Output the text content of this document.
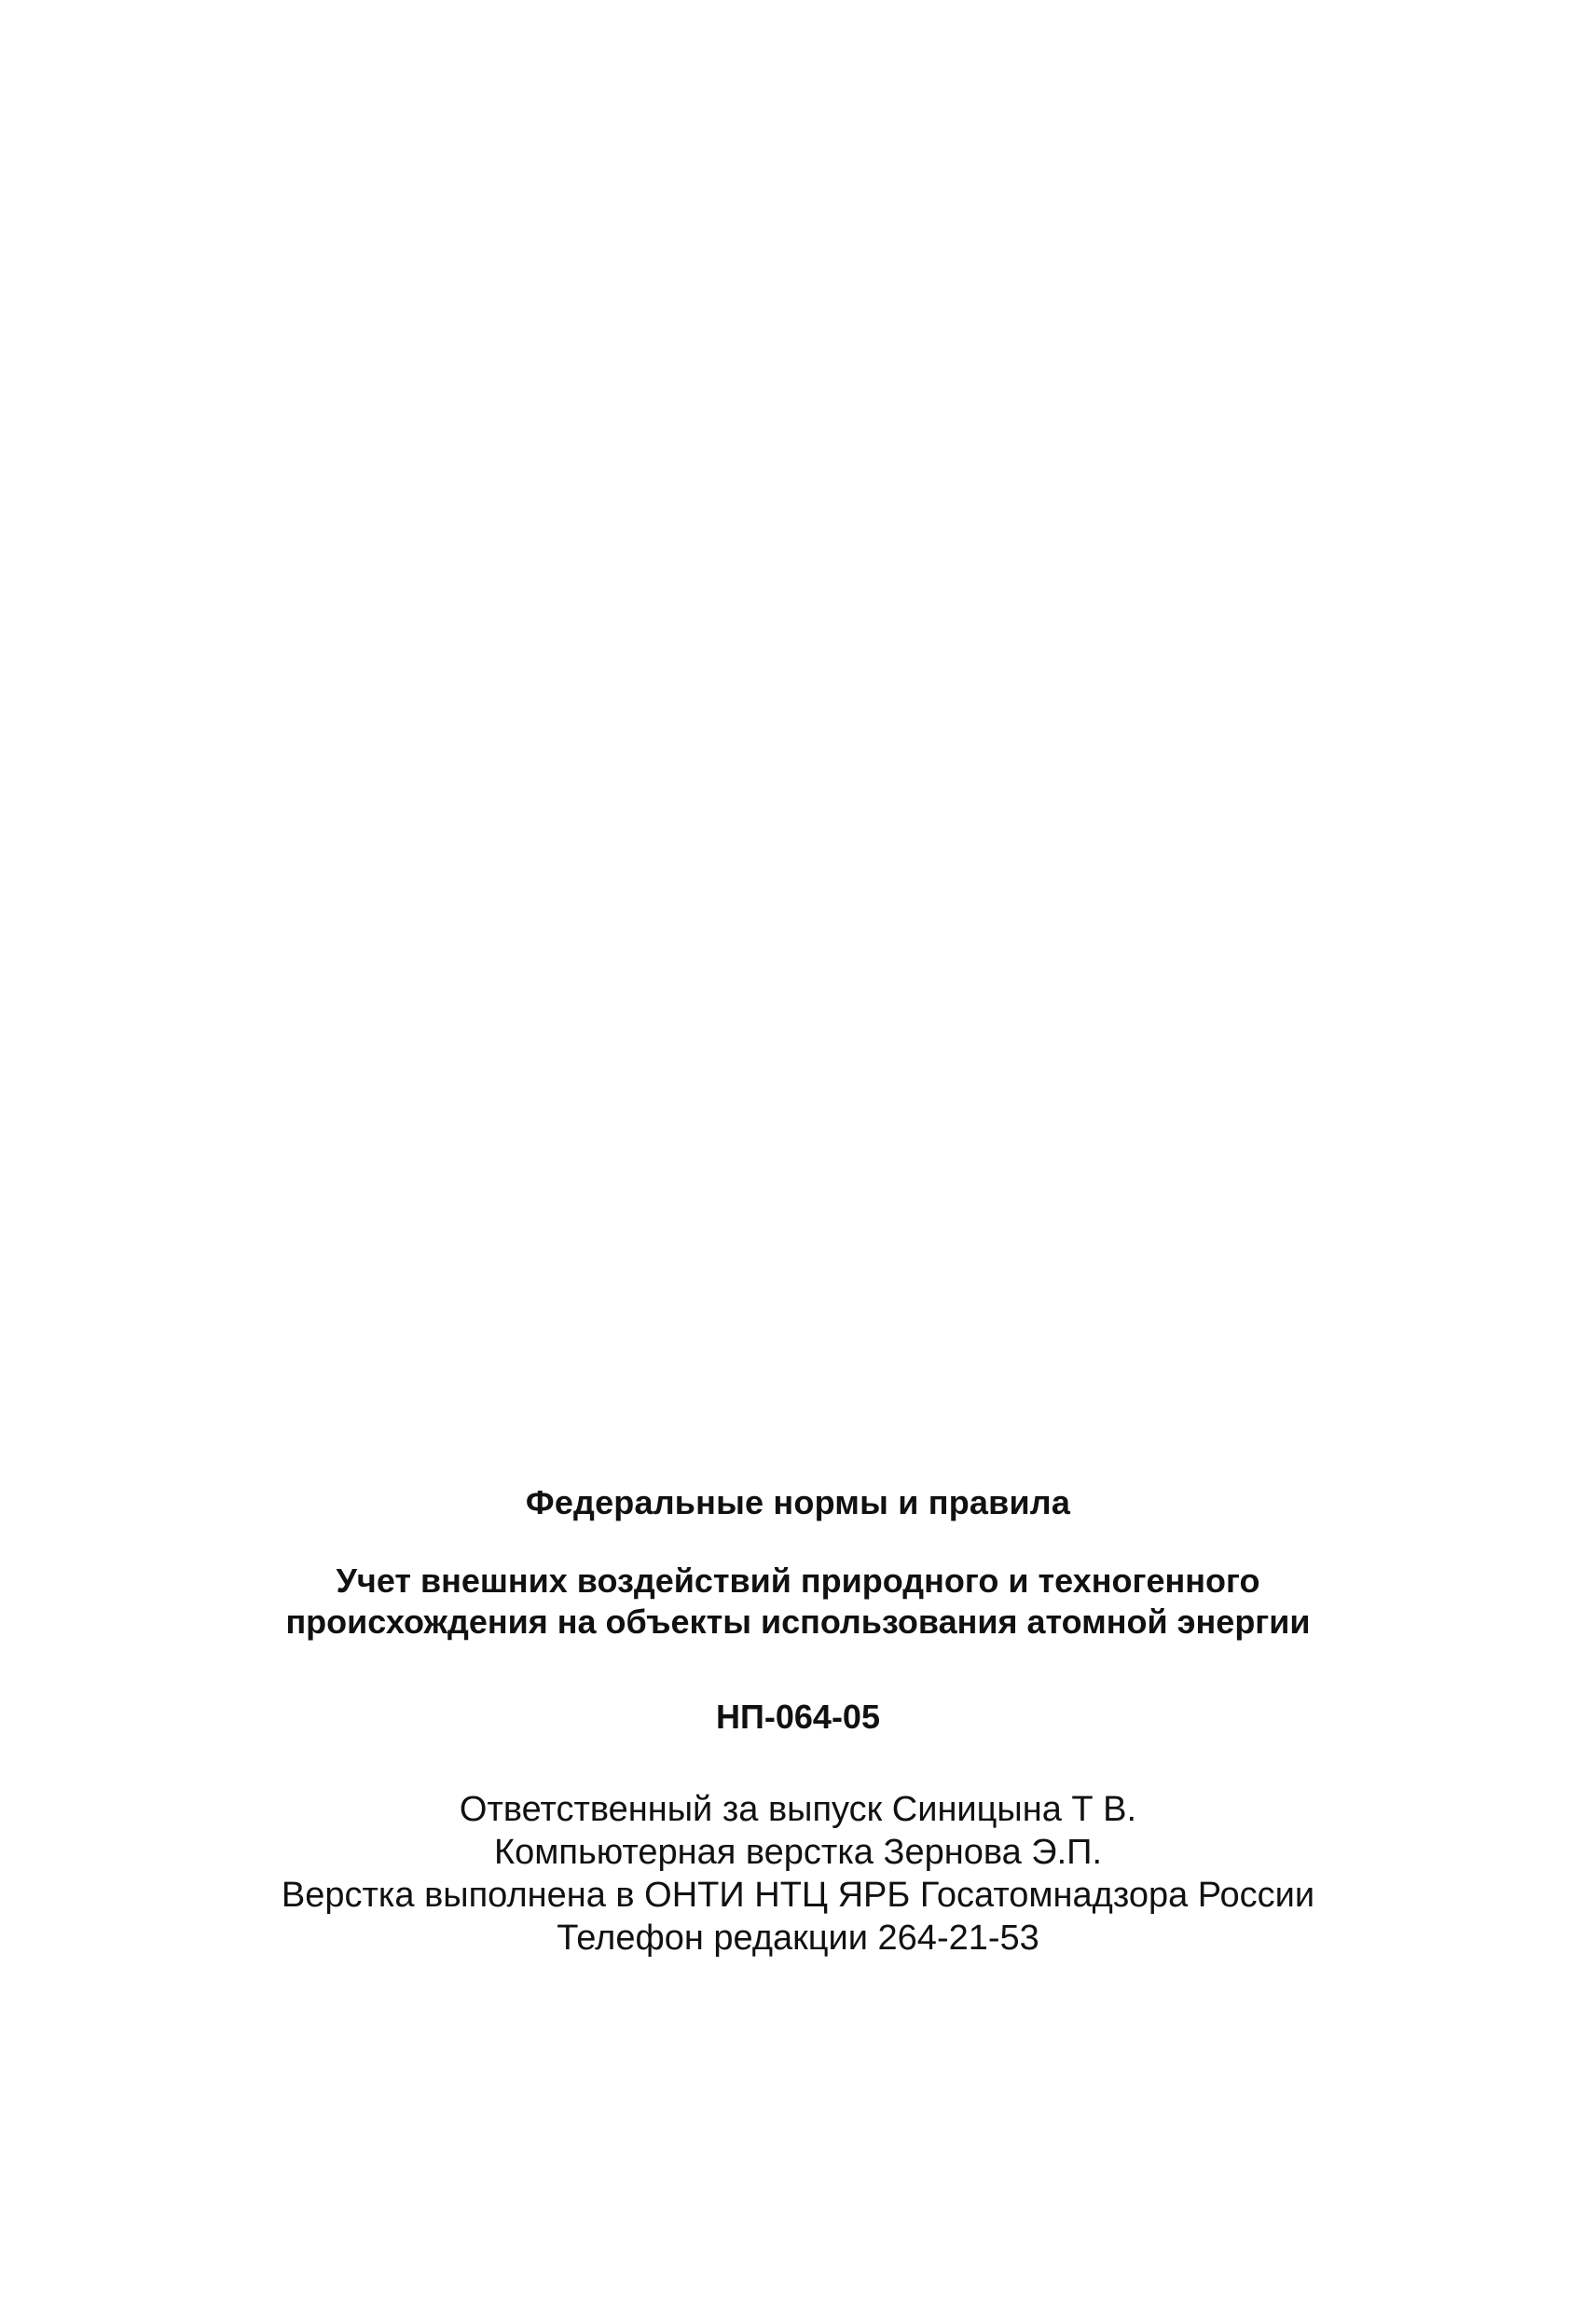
Федеральные нормы и правила

Учет внешних воздействий природного и техногенного
происхождения на объекты использования атомной энергии

НП-064-05

Ответственный за выпуск Синицына Т В.
Компьютерная верстка Зернова Э.П.
Верстка выполнена в ОНТИ НТЦ ЯРБ Госатомнадзора России
Телефон редакции 264-21-53
